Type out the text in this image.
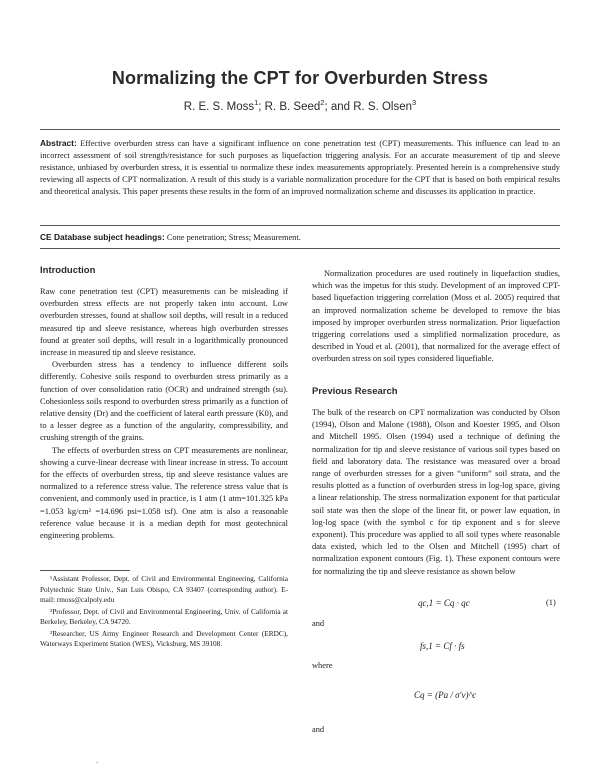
Normalizing the CPT for Overburden Stress
R. E. S. Moss$^1$; R. B. Seed$^2$; and R. S. Olsen$^3$
Abstract: Effective overburden stress can have a significant influence on cone penetration test (CPT) measurements. This influence can lead to an incorrect assessment of soil strength/resistance for such purposes as liquefaction triggering analysis. For an accurate measurement of tip and sleeve resistance, unbiased by overburden stress, it is essential to normalize these index measurements appropriately. Presented herein is a comprehensive study reviewing all aspects of CPT normalization. A result of this study is a variable normalization procedure for the CPT that is based on both empirical results and theoretical analysis. This paper presents these results in the form of an improved normalization scheme and discusses its application in practice.
CE Database subject headings: Cone penetration; Stress; Measurement.
Introduction

Raw cone penetration test (CPT) measurements can be misleading if overburden stress effects are not properly taken into account. Low overburden stresses, found at shallow soil depths, will result in a reduced measured tip and sleeve resistance, whereas high overburden stresses found at greater soil depths, will result in a logarithmically pronounced increase in measured tip and sleeve resistance.

Overburden stress has a tendency to influence different soils differently. Cohesive soils respond to overburden stress primarily as a function of over consolidation ratio (OCR) and undrained strength (su). Cohesionless soils respond to overburden stress primarily as a function of relative density (Dr) and the coefficient of lateral earth pressure (K0), and to a lesser degree as a function of the angularity, compressibility, and crushing strength of the grains.

The effects of overburden stress on CPT measurements are nonlinear, showing a curve-linear decrease with linear increase in stress. To account for the effects of overburden stress, tip and sleeve resistance values are normalized to a reference stress value. The reference stress value that is convenient, and commonly used in practice, is 1 atm (1 atm=101.325 kPa =1.053 kg/cm² =14.696 psi=1.058 tsf). One atm is also a reasonable reference value because it is a median depth for most geotechnical engineering problems.

¹Assistant Professor, Dept. of Civil and Environmental Engineering, California Polytechnic State Univ., San Luis Obispo, CA 93407 (corresponding author). E-mail: rmoss@calpoly.edu

²Professor, Dept. of Civil and Environmental Engineering, Univ. of California at Berkeley, Berkeley, CA 94720.

³Researcher, US Army Engineer Research and Development Center (ERDC), Waterways Experiment Station (WES), Vicksburg, MS 39108.

.

Normalization procedures are used routinely in liquefaction studies, which was the impetus for this study. Development of an improved CPT-based liquefaction triggering correlation (Moss et al. 2005) required that an improved normalization scheme be developed to remove the bias imposed by improper overburden stress normalization. Prior liquefaction triggering correlations used a simplified normalization procedure, as described in Youd et al. (2001), that normalized for the average effect of overburden stress on soil types considered liquefiable.

Previous Research

The bulk of the research on CPT normalization was conducted by Olson (1994), Olson and Malone (1988), Olson and Koester 1995, and Olson and Mitchell 1995. Olsen (1994) used a technique of defining the normalization for tip and sleeve resistance of various soil types based on field and laboratory data. The resistance was measured over a broad range of overburden stresses for a given “uniform” soil strata, and the results plotted as a function of overburden stress in log-log space, giving a linear relationship. The stress normalization exponent for that particular soil state was then the slope of the linear fit, or power law equation, in log-log space (with the symbol c for tip exponent and s for sleeve exponent). This procedure was applied to all soil types where reasonable data existed, which led to the Olsen and Mitchell (1995) chart of normalization exponent contours (Fig. 1). These exponent contours were for normalizing the tip and sleeve resistance as shown below

qc,1 = Cq · qc	(1)
and
fs,1 = Cf · fs
where
Cq = (Pa / σ′v)^c
and
